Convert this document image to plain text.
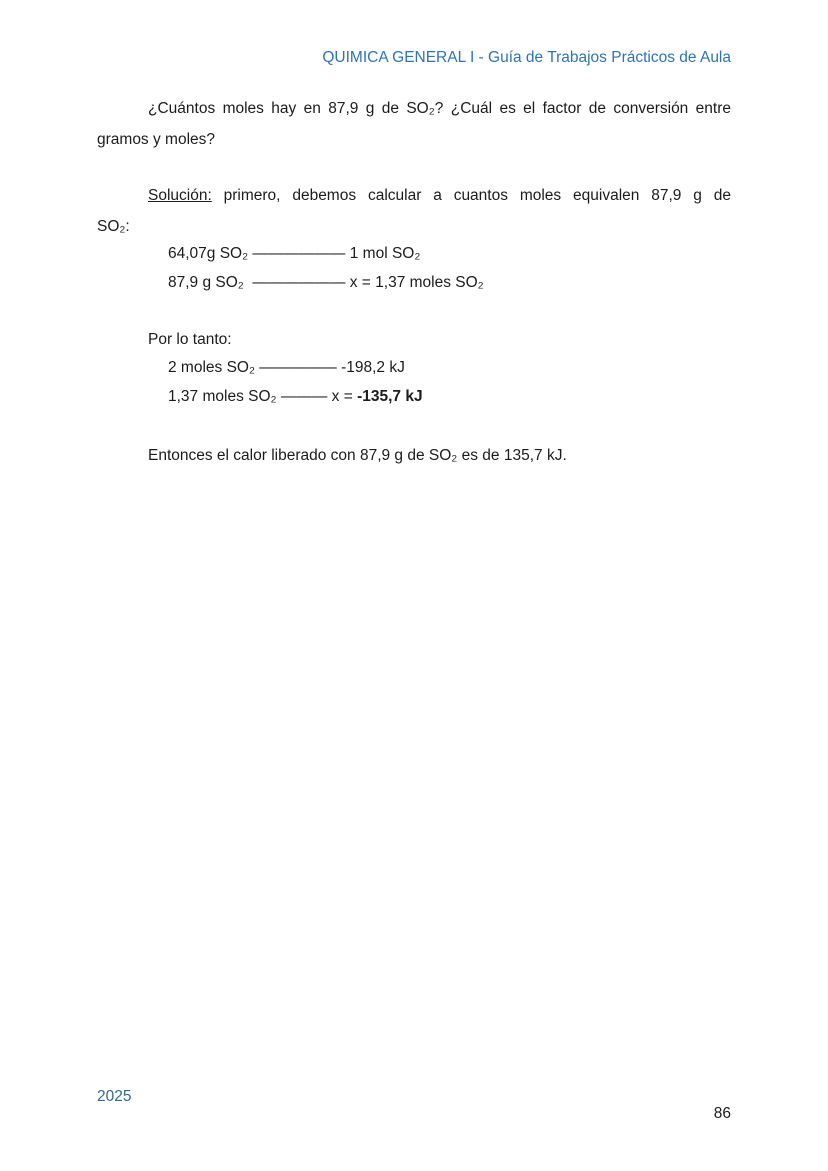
QUIMICA GENERAL I - Guía de Trabajos Prácticos de Aula
¿Cuántos moles hay en 87,9 g de SO₂? ¿Cuál es el factor de conversión entre
gramos y moles?
Solución: primero, debemos calcular a cuantos moles equivalen 87,9 g de
SO₂:
64,07g SO₂ —————— 1 mol SO₂
87,9 g SO₂  —————— x = 1,37 moles SO₂
Por lo tanto:
2 moles SO₂ ————— -198,2 kJ
1,37 moles SO₂ ——— x = -135,7 kJ
Entonces el calor liberado con 87,9 g de SO₂ es de 135,7 kJ.
2025
86
